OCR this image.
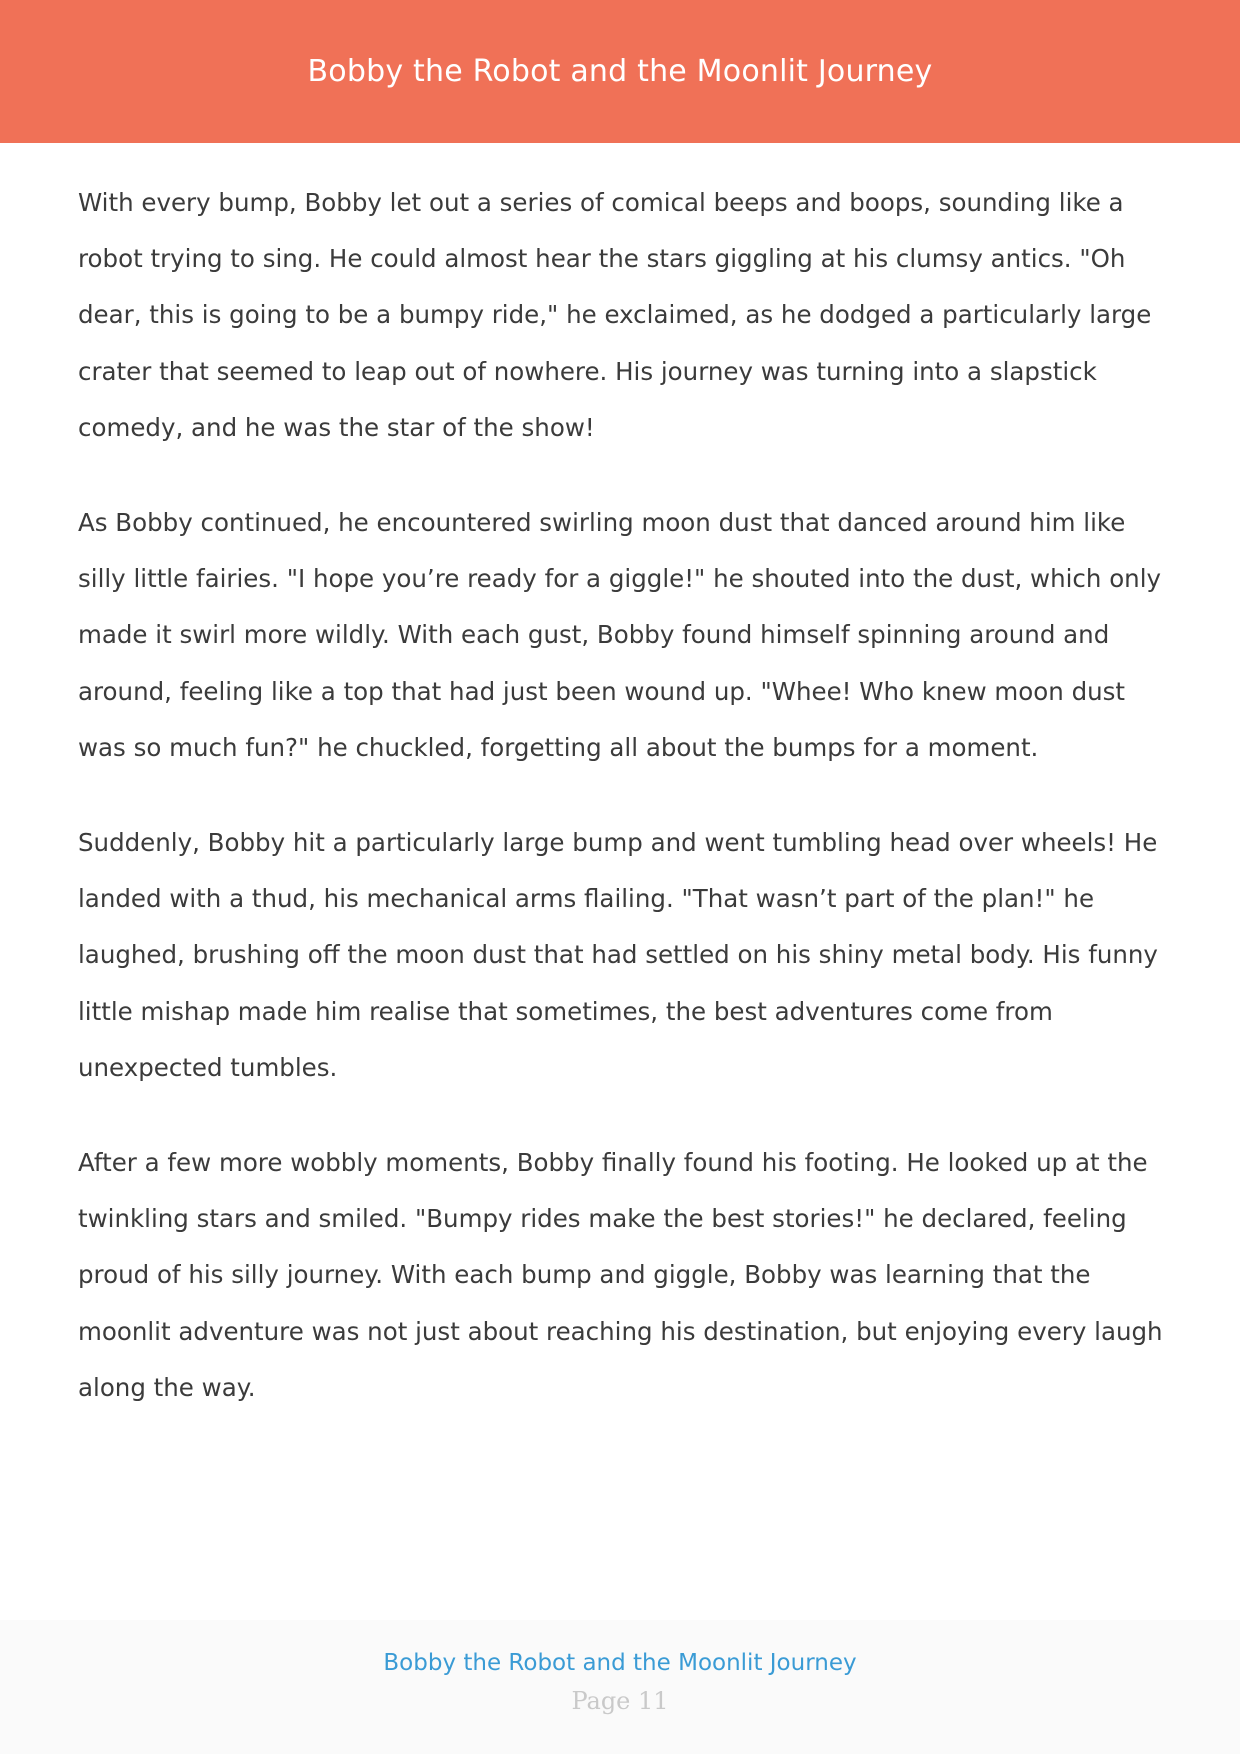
Bobby the Robot and the Moonlit Journey

With every bump, Bobby let out a series of comical beeps and boops, sounding like a robot trying to sing. He could almost hear the stars giggling at his clumsy antics. "Oh dear, this is going to be a bumpy ride," he exclaimed, as he dodged a particularly large crater that seemed to leap out of nowhere. His journey was turning into a slapstick comedy, and he was the star of the show!

As Bobby continued, he encountered swirling moon dust that danced around him like silly little fairies. "I hope you’re ready for a giggle!" he shouted into the dust, which only made it swirl more wildly. With each gust, Bobby found himself spinning around and around, feeling like a top that had just been wound up. "Whee! Who knew moon dust was so much fun?" he chuckled, forgetting all about the bumps for a moment.

Suddenly, Bobby hit a particularly large bump and went tumbling head over wheels! He landed with a thud, his mechanical arms flailing. "That wasn’t part of the plan!" he laughed, brushing off the moon dust that had settled on his shiny metal body. His funny little mishap made him realise that sometimes, the best adventures come from unexpected tumbles.

After a few more wobbly moments, Bobby finally found his footing. He looked up at the twinkling stars and smiled. "Bumpy rides make the best stories!" he declared, feeling proud of his silly journey. With each bump and giggle, Bobby was learning that the moonlit adventure was not just about reaching his destination, but enjoying every laugh along the way.

Bobby the Robot and the Moonlit Journey
Page 11
